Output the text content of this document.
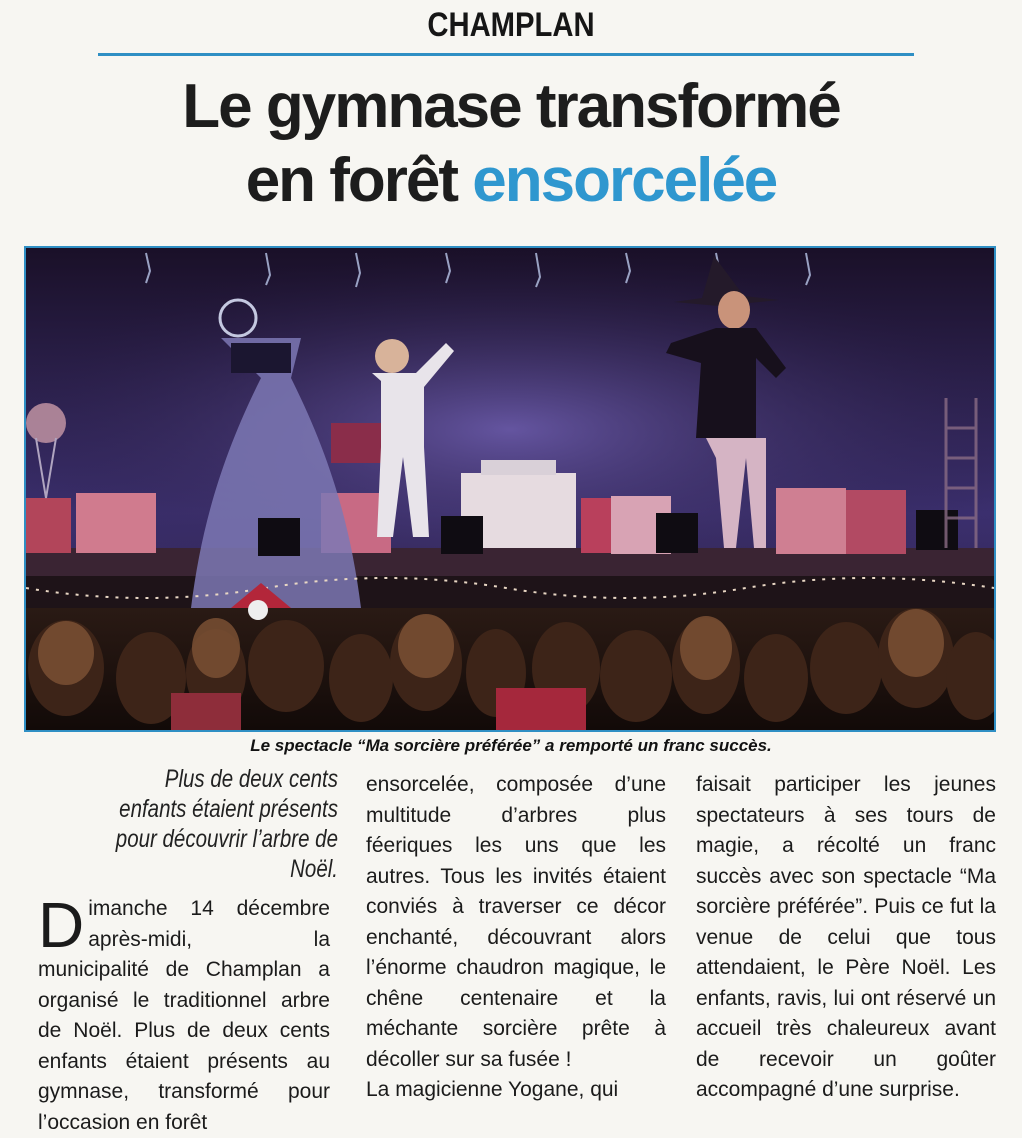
CHAMPLAN
Le gymnase transformé
en forêt ensorcelée
Le spectacle “Ma sorcière préférée” a remporté un franc succès.
Plus de deux cents enfants étaient présents pour découvrir l’arbre de Noël.

Dimanche 14 décembre après-midi, la municipalité de Champlan a organisé le traditionnel arbre de Noël. Plus de deux cents enfants étaient présents au gymnase, transformé pour l’occasion en forêt

ensorcelée, composée d’une multitude d’arbres plus féeriques les uns que les autres. Tous les invités étaient conviés à traverser ce décor enchanté, découvrant alors l’énorme chaudron magique, le chêne centenaire et la méchante sorcière prête à décoller sur sa fusée !

La magicienne Yogane, qui

faisait participer les jeunes spectateurs à ses tours de magie, a récolté un franc succès avec son spectacle “Ma sorcière préférée”. Puis ce fut la venue de celui que tous attendaient, le Père Noël. Les enfants, ravis, lui ont réservé un accueil très chaleureux avant de recevoir un goûter accompagné d’une surprise.
